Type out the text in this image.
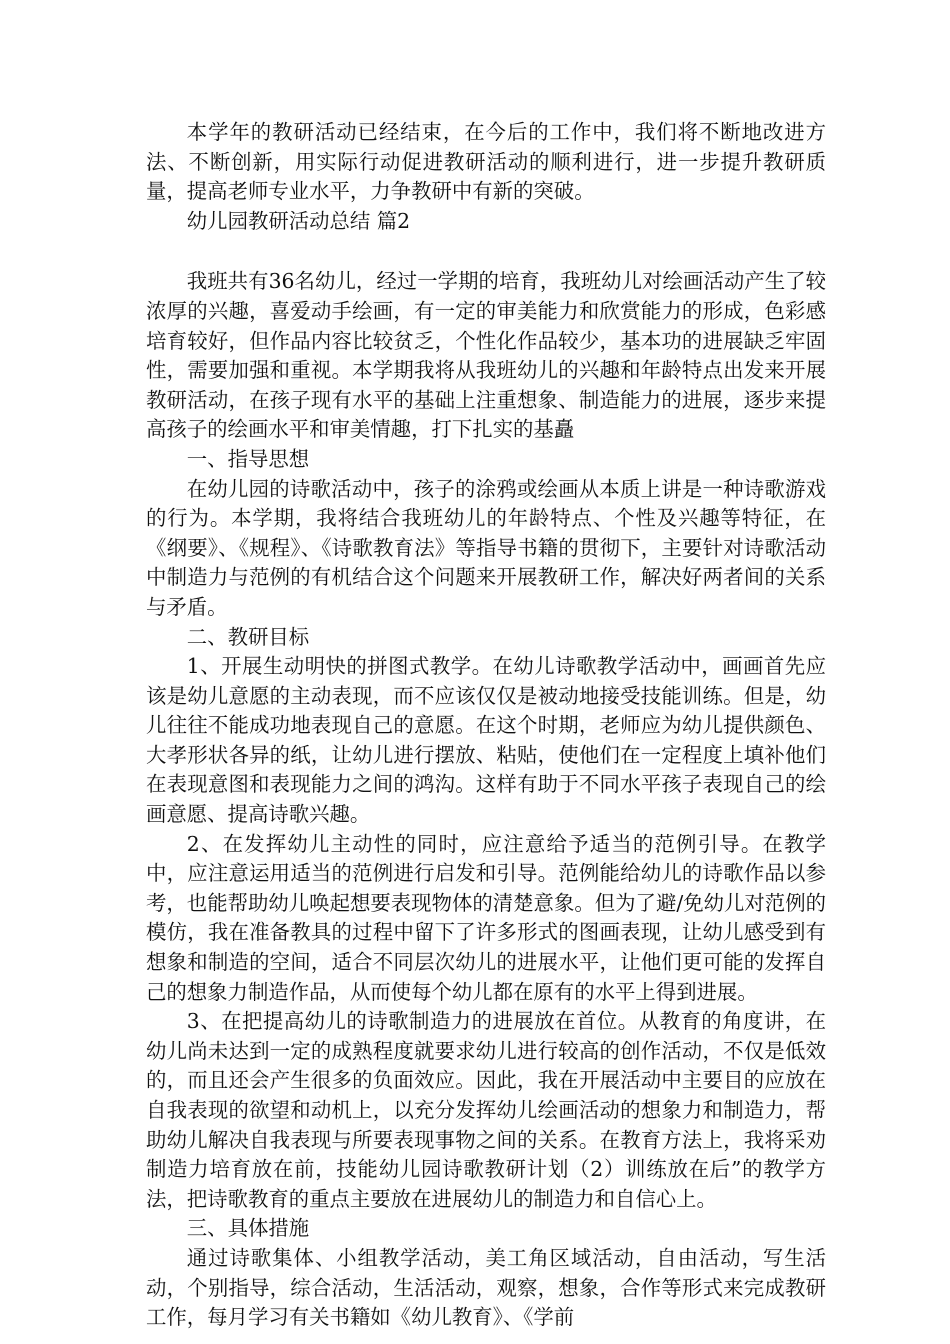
本学年的教研活动已经结束，在今后的工作中，我们将不断地改进方法、不断创新，用实际行动促进教研活动的顺利进行，进一步提升教研质量，提高老师专业水平，力争教研中有新的突破。

幼儿园教研活动总结 篇2

我班共有36名幼儿，经过一学期的培育，我班幼儿对绘画活动产生了较浓厚的兴趣，喜爱动手绘画，有一定的审美能力和欣赏能力的形成，色彩感培育较好，但作品内容比较贫乏，个性化作品较少，基本功的进展缺乏牢固性，需要加强和重视。本学期我将从我班幼儿的兴趣和年龄特点出发来开展教研活动，在孩子现有水平的基础上注重想象、制造能力的进展，逐步来提高孩子的绘画水平和审美情趣，打下扎实的基矗

一、指导思想

在幼儿园的诗歌活动中，孩子的涂鸦或绘画从本质上讲是一种诗歌游戏的行为。本学期，我将结合我班幼儿的年龄特点、个性及兴趣等特征，在《纲要》、《规程》、《诗歌教育法》等指导书籍的贯彻下，主要针对诗歌活动中制造力与范例的有机结合这个问题来开展教研工作，解决好两者间的关系与矛盾。

二、教研目标

1、开展生动明快的拼图式教学。在幼儿诗歌教学活动中，画画首先应该是幼儿意愿的主动表现，而不应该仅仅是被动地接受技能训练。但是，幼儿往往不能成功地表现自己的意愿。在这个时期，老师应为幼儿提供颜色、大孝形状各异的纸，让幼儿进行摆放、粘贴，使他们在一定程度上填补他们在表现意图和表现能力之间的鸿沟。这样有助于不同水平孩子表现自己的绘画意愿、提高诗歌兴趣。

2、在发挥幼儿主动性的同时，应注意给予适当的范例引导。在教学中，应注意运用适当的范例进行启发和引导。范例能给幼儿的诗歌作品以参考，也能帮助幼儿唤起想要表现物体的清楚意象。但为了避/免幼儿对范例的模仿，我在准备教具的过程中留下了许多形式的图画表现，让幼儿感受到有想象和制造的空间，适合不同层次幼儿的进展水平，让他们更可能的发挥自己的想象力制造作品，从而使每个幼儿都在原有的水平上得到进展。

3、在把提高幼儿的诗歌制造力的进展放在首位。从教育的角度讲，在幼儿尚未达到一定的成熟程度就要求幼儿进行较高的创作活动，不仅是低效的，而且还会产生很多的负面效应。因此，我在开展活动中主要目的应放在自我表现的欲望和动机上，以充分发挥幼儿绘画活动的想象力和制造力，帮助幼儿解决自我表现与所要表现事物之间的关系。在教育方法上，我将采劝制造力培育放在前，技能幼儿园诗歌教研计划（2）训练放在后”的教学方法，把诗歌教育的重点主要放在进展幼儿的制造力和自信心上。

三、具体措施

通过诗歌集体、小组教学活动，美工角区域活动，自由活动，写生活动，个别指导，综合活动，生活活动，观察，想象，合作等形式来完成教研工作，每月学习有关书籍如《幼儿教育》、《学前
